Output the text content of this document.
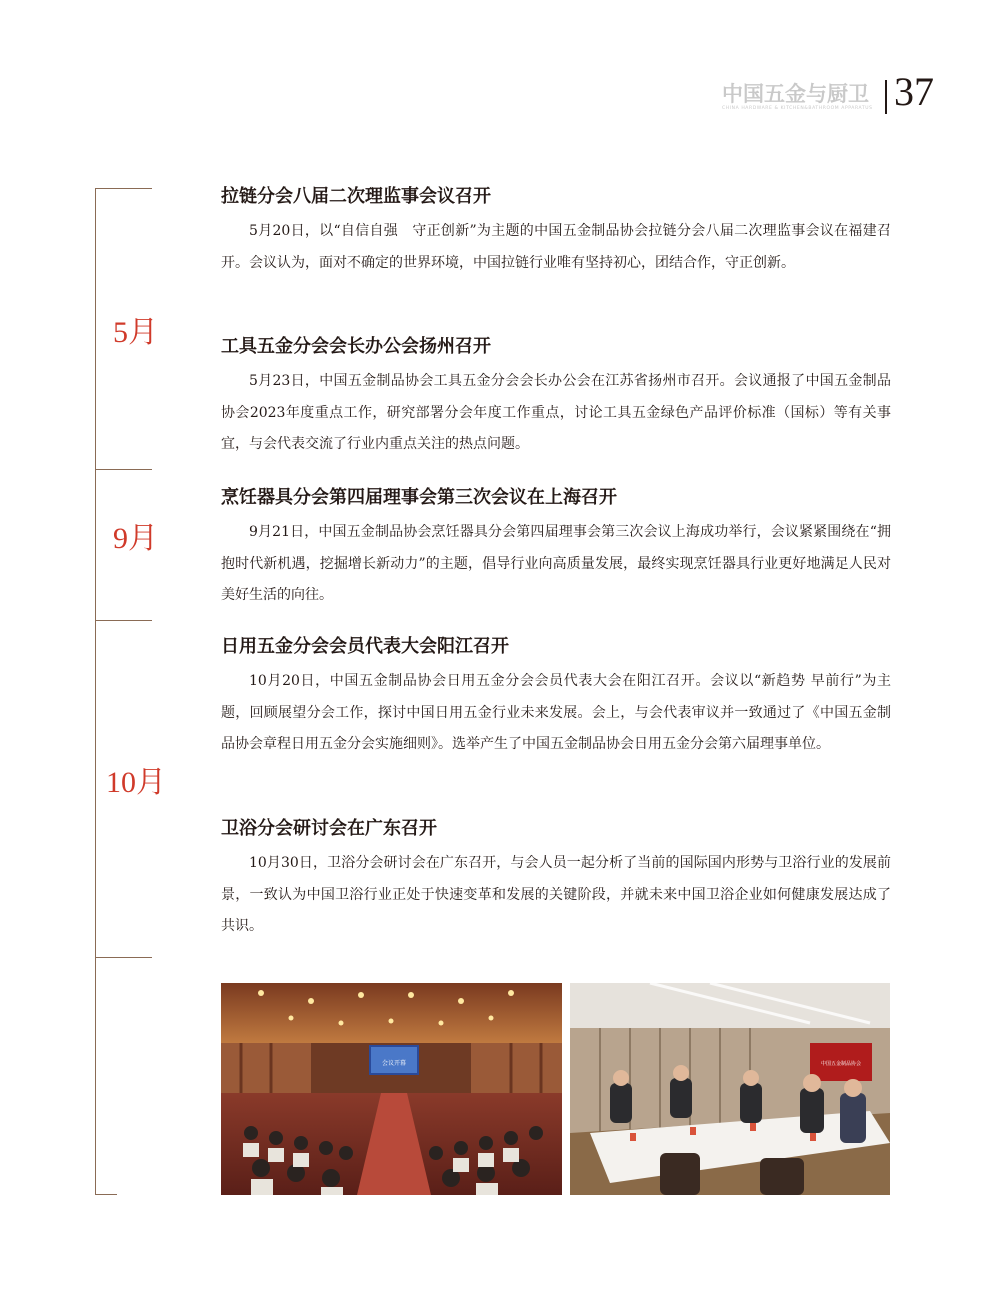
中国五金与厨卫
CHINA HARDWARE & KITCHEN&BATHROOM APPARATUS 37
5月
9月
10月
拉链分会八届二次理监事会议召开

5月20日，以“自信自强　守正创新”为主题的中国五金制品协会拉链分会八届二次理监事会议在福建召开。会议认为，面对不确定的世界环境，中国拉链行业唯有坚持初心，团结合作，守正创新。

工具五金分会会长办公会扬州召开

5月23日，中国五金制品协会工具五金分会会长办公会在江苏省扬州市召开。会议通报了中国五金制品协会2023年度重点工作，研究部署分会年度工作重点，讨论工具五金绿色产品评价标准（国标）等有关事宜，与会代表交流了行业内重点关注的热点问题。

烹饪器具分会第四届理事会第三次会议在上海召开

9月21日，中国五金制品协会烹饪器具分会第四届理事会第三次会议上海成功举行，会议紧紧围绕在“拥抱时代新机遇，挖掘增长新动力”的主题，倡导行业向高质量发展，最终实现烹饪器具行业更好地满足人民对美好生活的向往。

日用五金分会会员代表大会阳江召开

10月20日，中国五金制品协会日用五金分会会员代表大会在阳江召开。会议以“新趋势 早前行”为主题，回顾展望分会工作，探讨中国日用五金行业未来发展。会上，与会代表审议并一致通过了《中国五金制品协会章程日用五金分会实施细则》。选举产生了中国五金制品协会日用五金分会第六届理事单位。

卫浴分会研讨会在广东召开

10月30日，卫浴分会研讨会在广东召开，与会人员一起分析了当前的国际国内形势与卫浴行业的发展前景，一致认为中国卫浴行业正处于快速变革和发展的关键阶段，并就未来中国卫浴企业如何健康发展达成了共识。

会议开幕	中国五金制品协会
